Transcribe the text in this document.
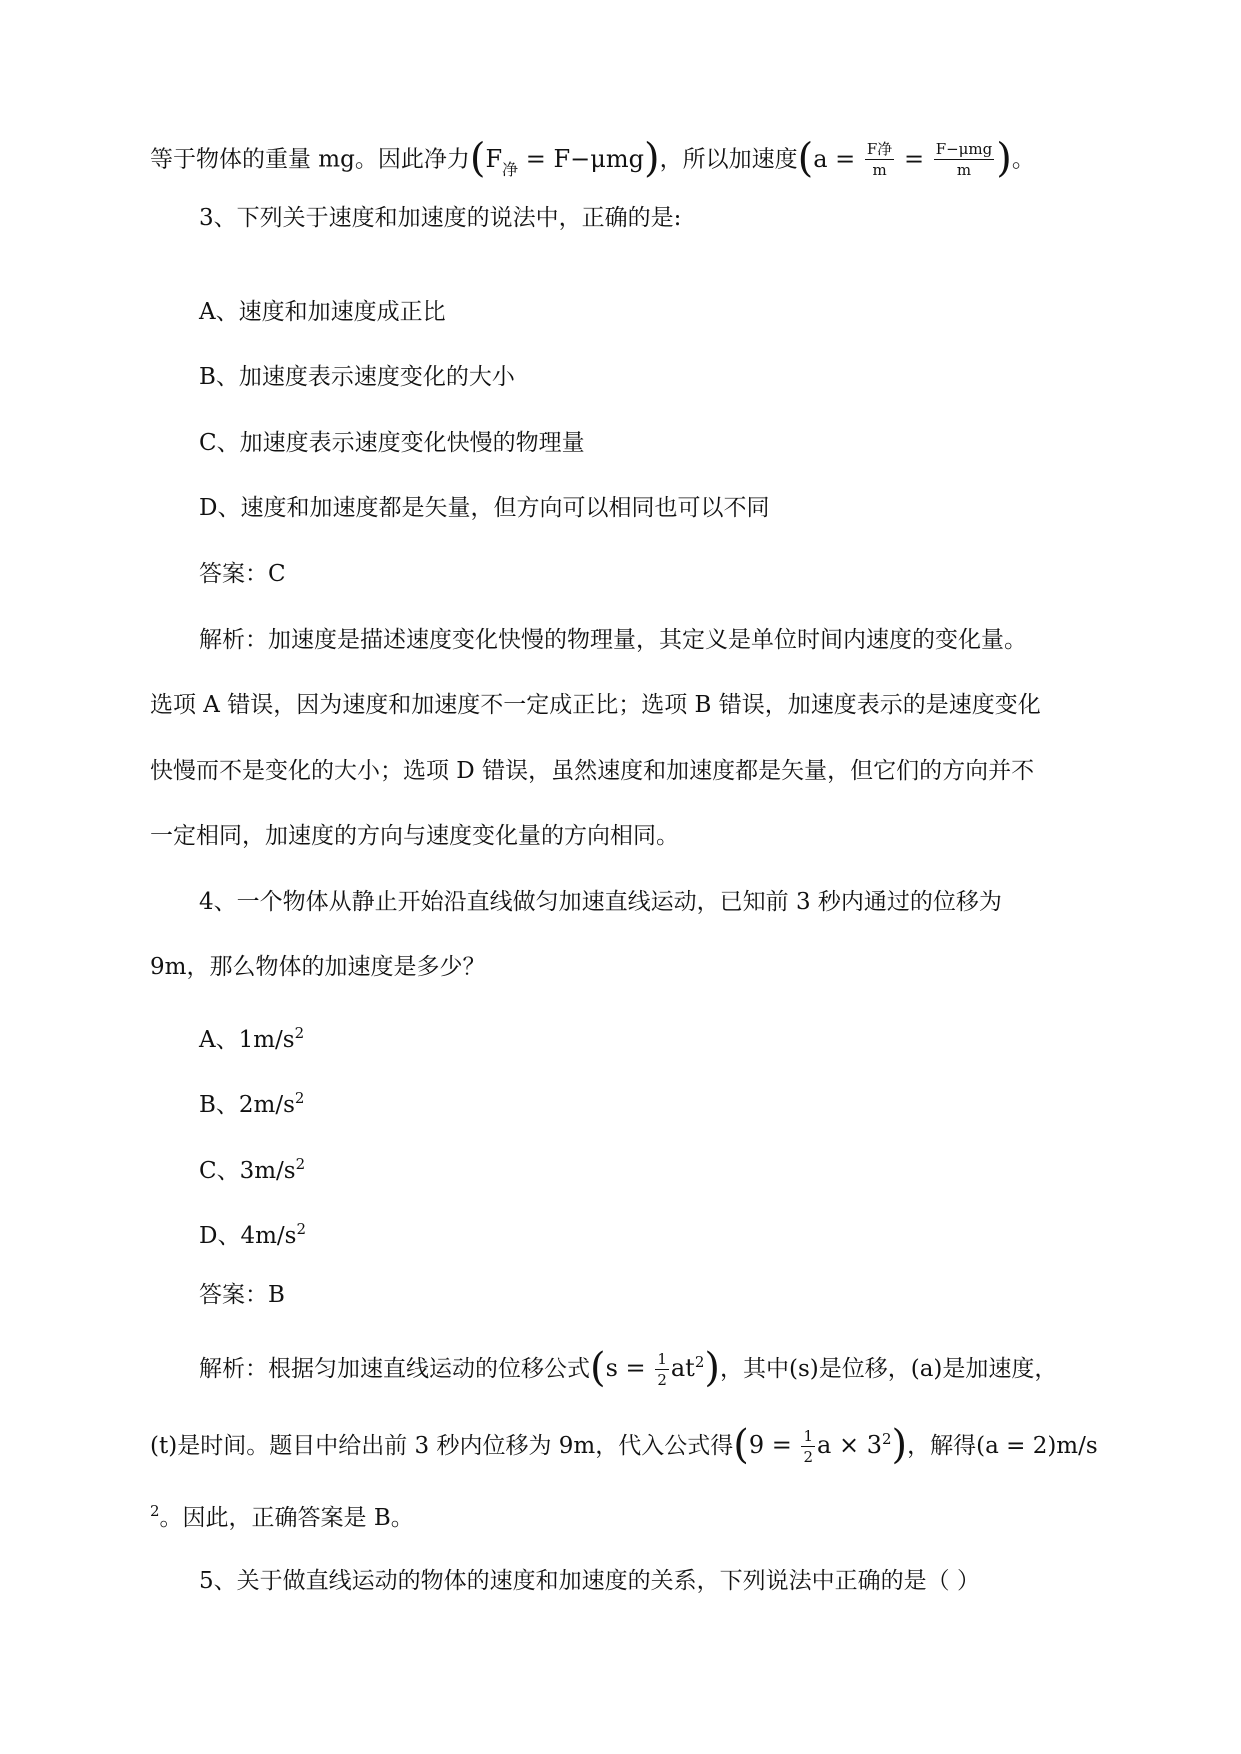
等于物体的重量 mg。因此净力$(F_净 = F-\mu mg)$，所以加速度($a = \frac{\text{F净}}{m} = \frac{\text{F−μmg}}{m}$ )。
3、下列关于速度和加速度的说法中，正确的是:
A、速度和加速度成正比
B、加速度表示速度变化的大小
C、加速度表示速度变化快慢的物理量
D、速度和加速度都是矢量，但方向可以相同也可以不同
答案：C
解析：加速度是描述速度变化快慢的物理量，其定义是单位时间内速度的变化量。
选项 A 错误，因为速度和加速度不一定成正比；选项 B 错误，加速度表示的是速度变化
快慢而不是变化的大小；选项 D 错误，虽然速度和加速度都是矢量，但它们的方向并不
一定相同，加速度的方向与速度变化量的方向相同。
4、一个物体从静止开始沿直线做匀加速直线运动，已知前 3 秒内通过的位移为
9m，那么物体的加速度是多少？
A、$1m/s^2$
B、$2m/s^2$
C、$3m/s^2$
D、$4m/s^2$
答案：B
解析：根据匀加速直线运动的位移公式$(s = \frac{1}{2} at^2)$，其中(s)是位移，(a)是加速度，
(t)是时间。题目中给出前 3 秒内位移为 9m，代入公式得($9 = \frac{1}{2}$ $a \times 3^2$)，解得(a = 2)m/s
$^2$。因此，正确答案是 B。
5、关于做直线运动的物体的速度和加速度的关系，下列说法中正确的是（ ）
